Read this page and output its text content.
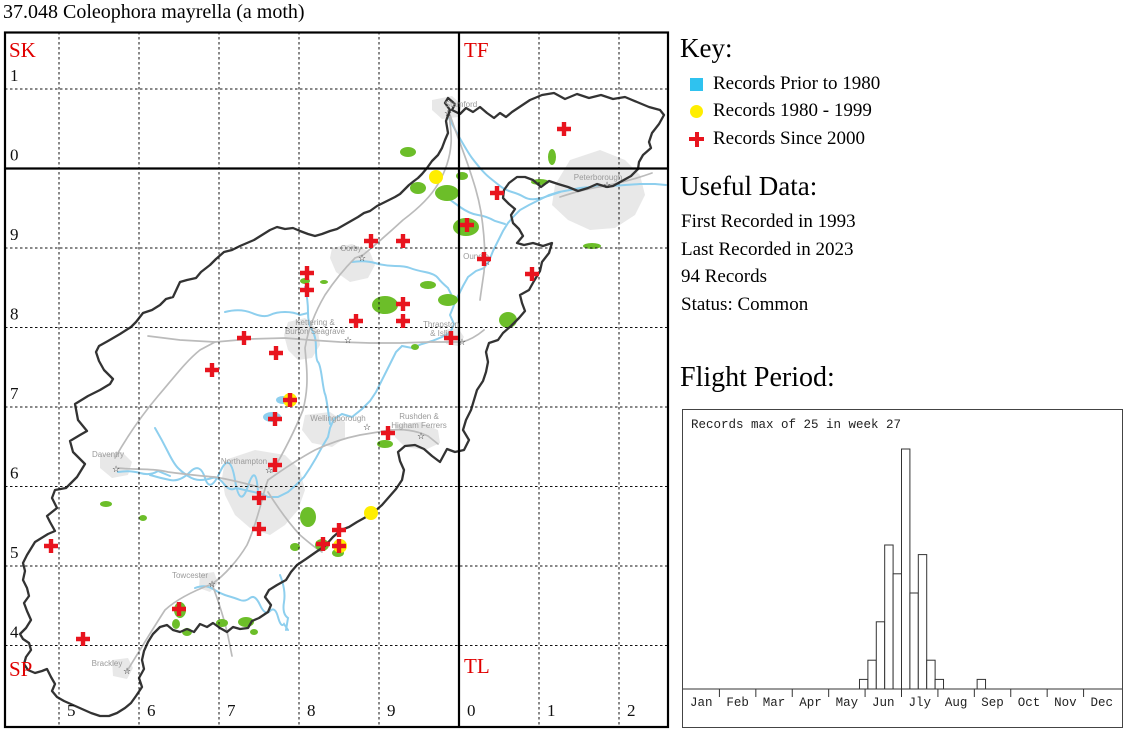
37.048 Coleophora mayrella (a moth)
5	6	7	8	9	0	1	2
1
0
9
8
7
6
5
4
SK	TF
SP	TL
Stamford
☆
Peterborough
☆
Oundle
☆
Corby
☆
Kettering &
Burton Seagrave
☆
Thrapston
& Islip
☆
Wellingborough
☆
Rushden &
Higham Ferrers
☆
Northampton
☆
Daventry
☆
Towcester
☆
Brackley
☆
Key:
Records Prior to 1980
Records 1980 - 1999
Records Since 2000
Useful Data:
First Recorded in 1993
Last Recorded in 2023
94 Records
Status: Common
Flight Period:
Records max of 25 in week 27
Jan Feb Mar Apr May Jun Jly Aug Sep Oct Nov Dec
